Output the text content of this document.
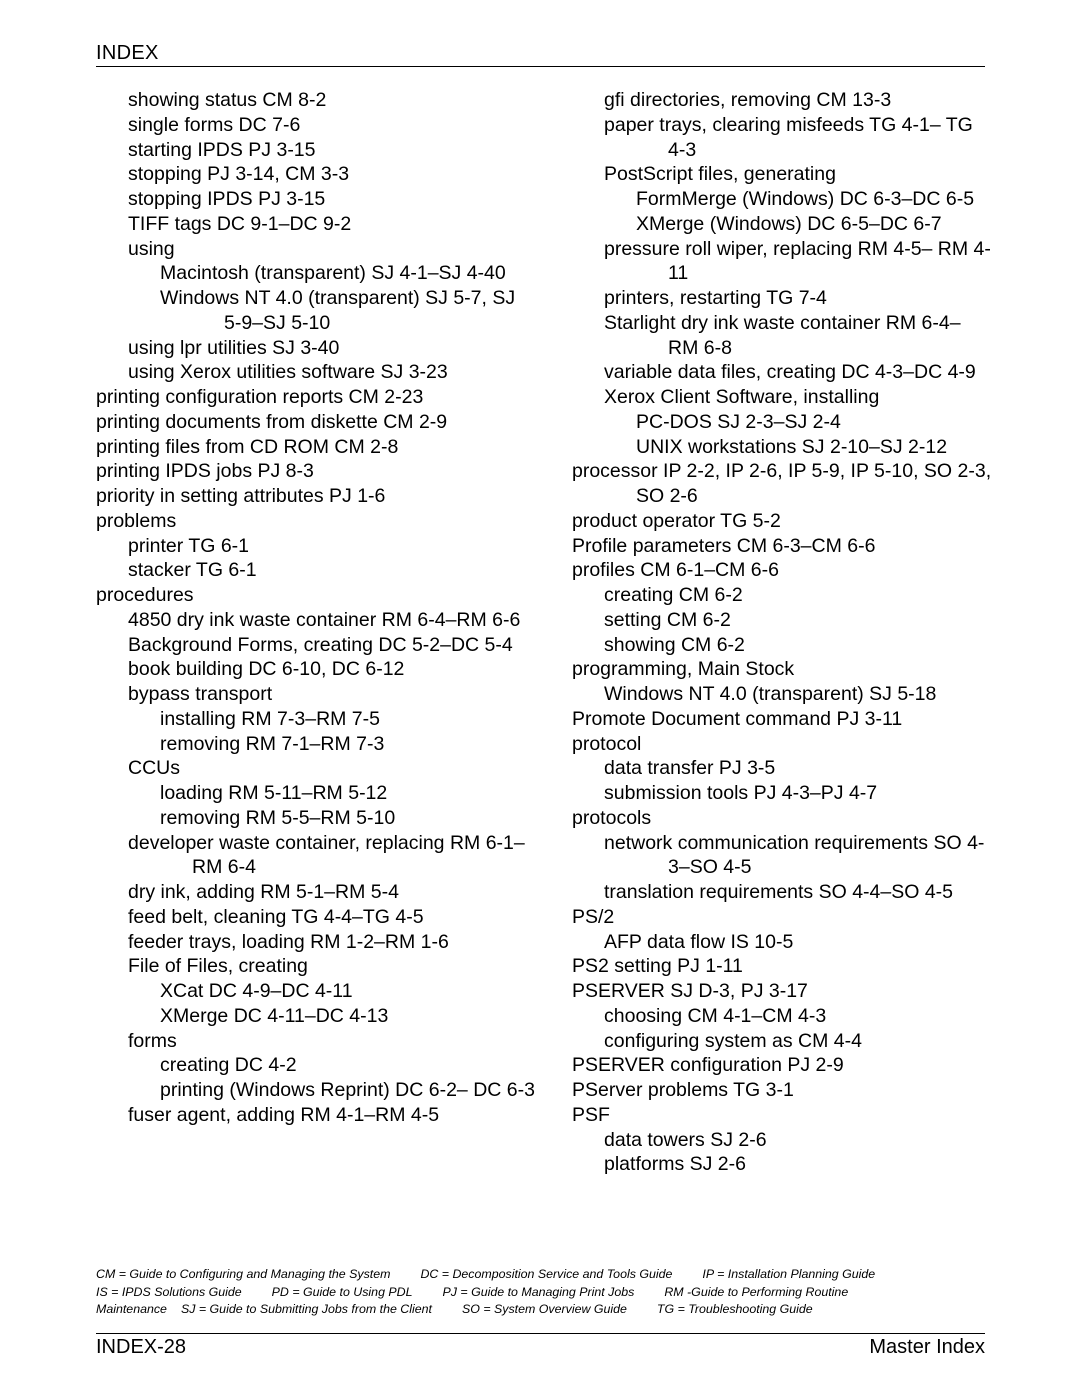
INDEX
showing status CM 8-2
single forms DC 7-6
starting IPDS PJ 3-15
stopping PJ 3-14, CM 3-3
stopping IPDS PJ 3-15
TIFF tags DC 9-1–DC 9-2
using
Macintosh (transparent) SJ 4-1–SJ 4-40
Windows NT 4.0 (transparent) SJ 5-7, SJ 5-9–SJ 5-10
using lpr utilities SJ 3-40
using Xerox utilities software SJ 3-23
printing configuration reports CM 2-23
printing documents from diskette CM 2-9
printing files from CD ROM CM 2-8
printing IPDS jobs PJ 8-3
priority in setting attributes PJ 1-6
problems
printer TG 6-1
stacker TG 6-1
procedures
4850 dry ink waste container RM 6-4–RM 6-6
Background Forms, creating DC 5-2–DC 5-4
book building DC 6-10, DC 6-12
bypass transport
installing RM 7-3–RM 7-5
removing RM 7-1–RM 7-3
CCUs
loading RM 5-11–RM 5-12
removing RM 5-5–RM 5-10
developer waste container, replacing RM 6-1–RM 6-4
dry ink, adding RM 5-1–RM 5-4
feed belt, cleaning TG 4-4–TG 4-5
feeder trays, loading RM 1-2–RM 1-6
File of Files, creating
XCat DC 4-9–DC 4-11
XMerge DC 4-11–DC 4-13
forms
creating DC 4-2
printing (Windows Reprint) DC 6-2– DC 6-3
fuser agent, adding RM 4-1–RM 4-5
gfi directories, removing CM 13-3
paper trays, clearing misfeeds TG 4-1– TG 4-3
PostScript files, generating
FormMerge (Windows) DC 6-3–DC 6-5
XMerge (Windows) DC 6-5–DC 6-7
pressure roll wiper, replacing RM 4-5– RM 4-11
printers, restarting TG 7-4
Starlight dry ink waste container RM 6-4– RM 6-8
variable data files, creating DC 4-3–DC 4-9
Xerox Client Software, installing
PC-DOS SJ 2-3–SJ 2-4
UNIX workstations SJ 2-10–SJ 2-12
processor IP 2-2, IP 2-6, IP 5-9, IP 5-10, SO 2-3, SO 2-6
product operator TG 5-2
Profile parameters CM 6-3–CM 6-6
profiles CM 6-1–CM 6-6
creating CM 6-2
setting CM 6-2
showing CM 6-2
programming, Main Stock
Windows NT 4.0 (transparent) SJ 5-18
Promote Document command PJ 3-11
protocol
data transfer PJ 3-5
submission tools PJ 4-3–PJ 4-7
protocols
network communication requirements SO 4-3–SO 4-5
translation requirements SO 4-4–SO 4-5
PS/2
AFP data flow IS 10-5
PS2 setting PJ 1-11
PSERVER SJ D-3, PJ 3-17
choosing CM 4-1–CM 4-3
configuring system as CM 4-4
PSERVER configuration PJ 2-9
PServer problems TG 3-1
PSF
data towers SJ 2-6
platforms SJ 2-6
CM = Guide to Configuring and Managing the System DC = Decomposition Service and Tools Guide IP = Installation Planning Guide
IS = IPDS Solutions Guide PD = Guide to Using PDL PJ = Guide to Managing Print Jobs RM -Guide to Performing Routine
Maintenance SJ = Guide to Submitting Jobs from the Client SO = System Overview Guide TG = Troubleshooting Guide
INDEX-28	Master Index
